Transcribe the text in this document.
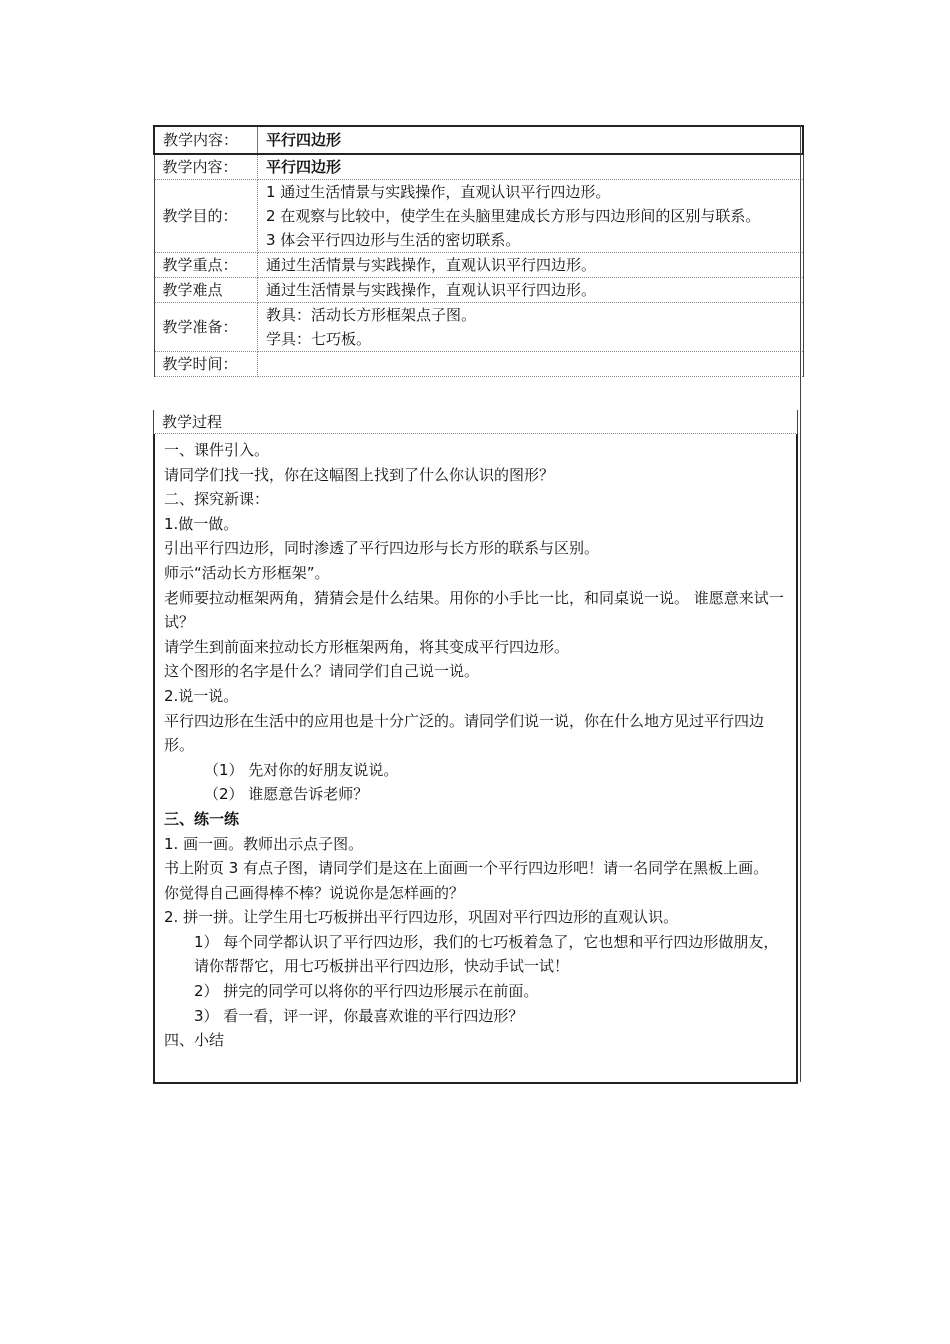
教学内容：	平行四边形
教学内容：	平行四边形
教学目的：	1 通过生活情景与实践操作，直观认识平行四边形。
2 在观察与比较中，使学生在头脑里建成长方形与四边形间的区别与联系。
3 体会平行四边形与生活的密切联系。

教学重点：	通过生活情景与实践操作，直观认识平行四边形。
教学难点	通过生活情景与实践操作，直观认识平行四边形。
教学准备：	教具：活动长方形框架点子图。
学具：七巧板。

教学时间：	
教学过程
一、课件引入。
请同学们找一找，你在这幅图上找到了什么你认识的图形？
二、探究新课：
1.做一做。
引出平行四边形，同时渗透了平行四边形与长方形的联系与区别。
师示“活动长方形框架”。
老师要拉动框架两角，猜猜会是什么结果。用你的小手比一比，和同桌说一说。 谁愿意来试一试？
请学生到前面来拉动长方形框架两角，将其变成平行四边形。
这个图形的名字是什么？请同学们自己说一说。
2.说一说。
平行四边形在生活中的应用也是十分广泛的。请同学们说一说，你在什么地方见过平行四边形。
（1） 先对你的好朋友说说。
（2） 谁愿意告诉老师？
三、练一练
1. 画一画。教师出示点子图。
书上附页 3 有点子图，请同学们是这在上面画一个平行四边形吧！请一名同学在黑板上画。
你觉得自己画得棒不棒？说说你是怎样画的？
2. 拼一拼。让学生用七巧板拼出平行四边形，巩固对平行四边形的直观认识。
1） 每个同学都认识了平行四边形，我们的七巧板着急了，它也想和平行四边形做朋友，请你帮帮它，用七巧板拼出平行四边形，快动手试一试！
2） 拼完的同学可以将你的平行四边形展示在前面。
3） 看一看，评一评，你最喜欢谁的平行四边形？
四、小结
